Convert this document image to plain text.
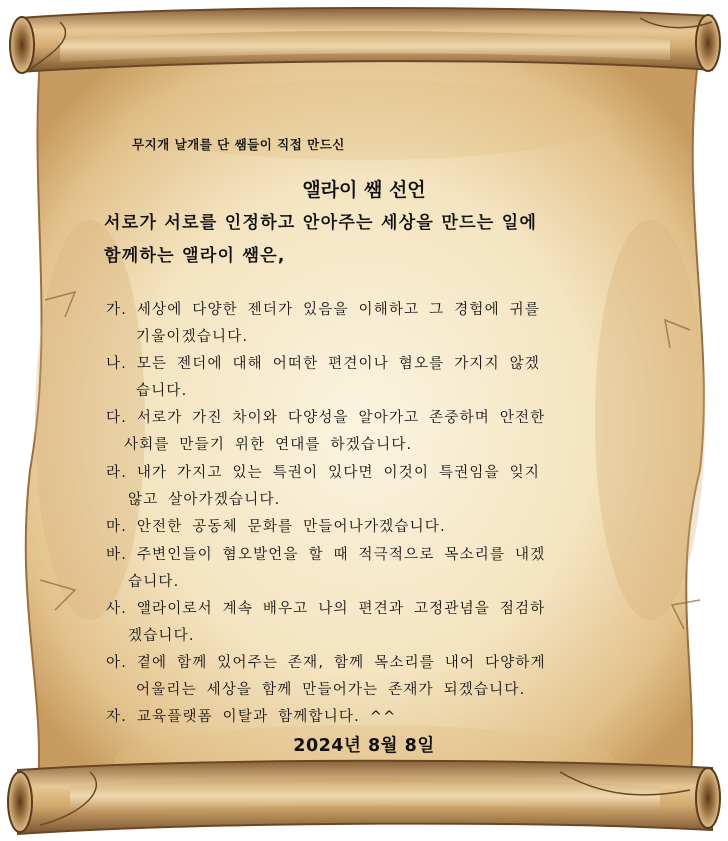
무지개 날개를 단 쌤들이 직접 만드신
앨라이 쌤 선언
서로가 서로를 인정하고 안아주는 세상을 만드는 일에
함께하는 앨라이 쌤은,
가. 세상에 다양한 젠더가 있음을 이해하고 그 경험에 귀를
기울이겠습니다.
나. 모든 젠더에 대해 어떠한 편견이나 혐오를 가지지 않겠
습니다.
다. 서로가 가진 차이와 다양성을 알아가고 존중하며 안전한
사회를 만들기 위한 연대를 하겠습니다.
라. 내가 가지고 있는 특권이 있다면 이것이 특권임을 잊지
않고 살아가겠습니다.
마. 안전한 공동체 문화를 만들어나가겠습니다.
바. 주변인들이 혐오발언을 할 때 적극적으로 목소리를 내겠
습니다.
사. 앨라이로서 계속 배우고 나의 편견과 고정관념을 점검하
겠습니다.
아. 곁에 함께 있어주는 존재, 함께 목소리를 내어 다양하게
어울리는 세상을 함께 만들어가는 존재가 되겠습니다.
자. 교육플랫폼 이탈과 함께합니다. ^^
2024년 8월 8일
